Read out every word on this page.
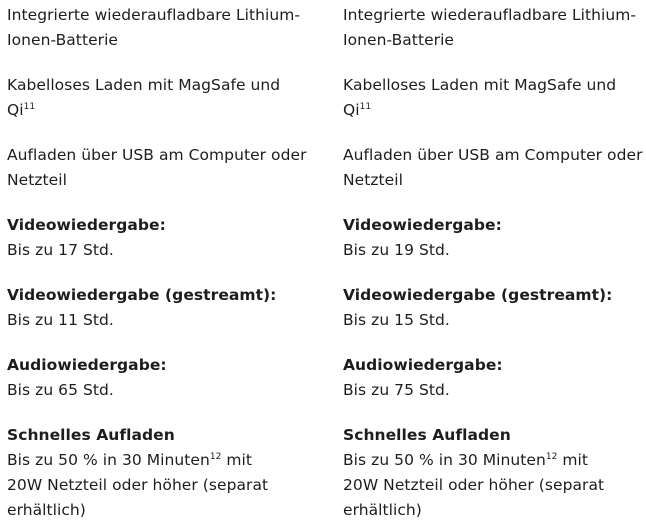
Integrierte wiederaufladbare Lithium-
Ionen-Batterie

Kabelloses Laden mit MagSafe und Qi$^{11}$

Aufladen über USB am Computer oder
Netzteil

Videowiedergabe:
Bis zu 17 Std.

Videowiedergabe (gestreamt):
Bis zu 11 Std.

Audiowiedergabe:
Bis zu 65 Std.

Schnelles Aufladen
Bis zu 50 % in 30 Minuten$^{12}$ mit
20W Netzteil oder höher (separat
erhältlich)

Integrierte wiederaufladbare Lithium-
Ionen-Batterie

Kabelloses Laden mit MagSafe und Qi$^{11}$

Aufladen über USB am Computer oder
Netzteil

Videowiedergabe:
Bis zu 19 Std.

Videowiedergabe (gestreamt):
Bis zu 15 Std.

Audiowiedergabe:
Bis zu 75 Std.

Schnelles Aufladen
Bis zu 50 % in 30 Minuten$^{12}$ mit
20W Netzteil oder höher (separat
erhältlich)
